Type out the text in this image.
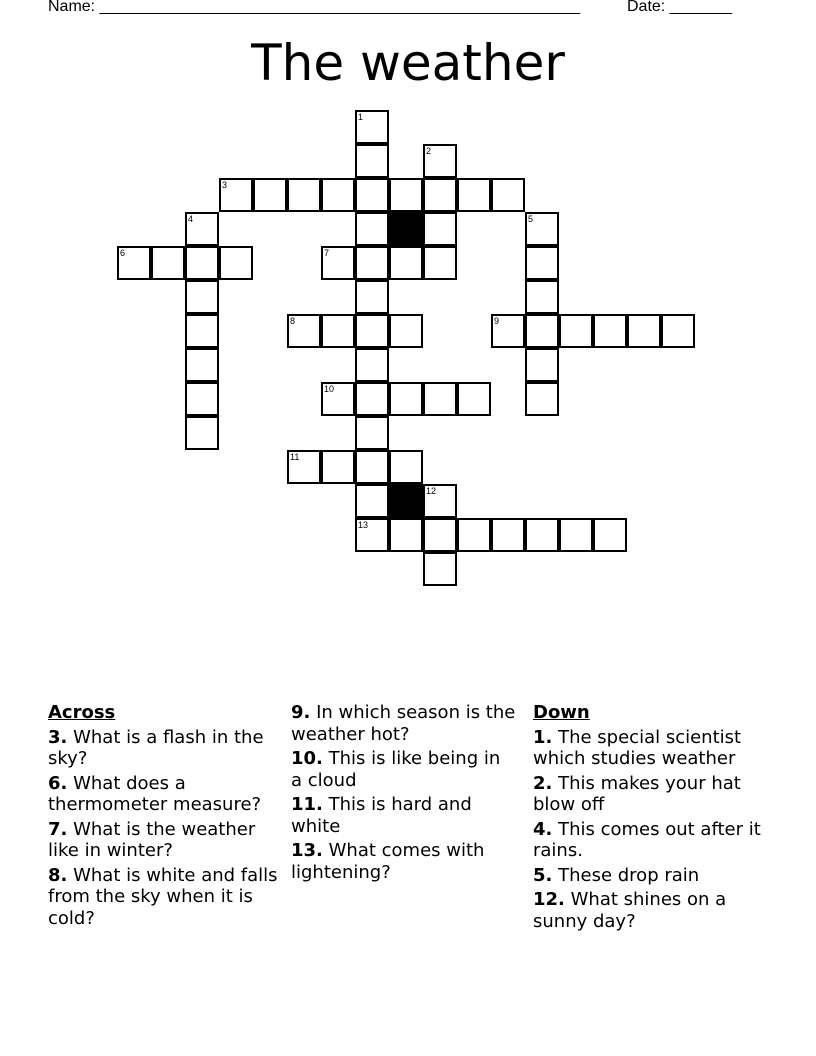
Name: ______________________________________________________	Date: _______
The weather
1
2
3
4	5
6	7
8	9
10
11
12
13
Across
3. What is a flash in the sky?
6. What does a thermometer measure?
7. What is the weather like in winter?
8. What is white and falls from the sky when it is cold?
9. In which season is the weather hot?
10. This is like being in a cloud
11. This is hard and white
13. What comes with lightening?
Down
1. The special scientist which studies weather
2. This makes your hat blow off
4. This comes out after it rains.
5. These drop rain
12. What shines on a sunny day?
